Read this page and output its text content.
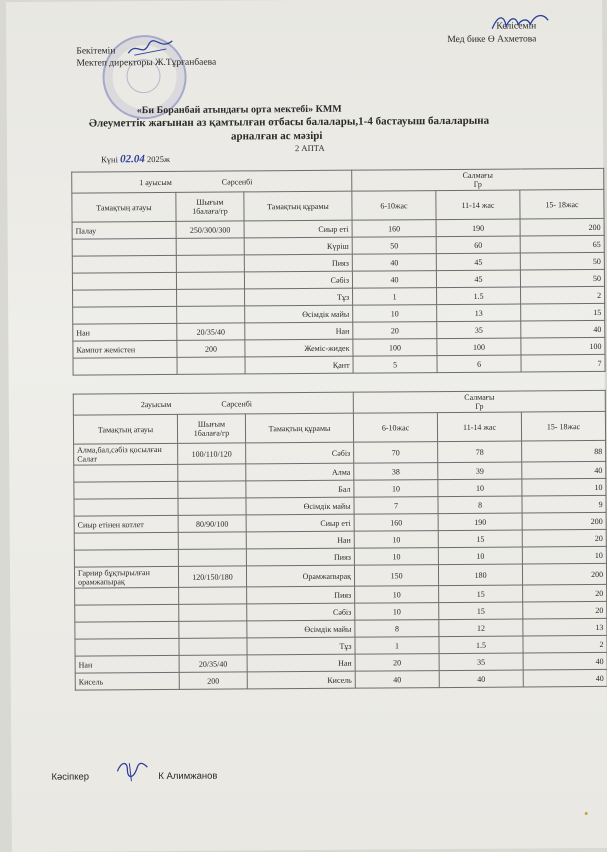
Бекітемін
Мектеп директоры Ж.Тұрғанбаева
Келісемін
Мед бике Ө Ахметова
«Би Боранбай атындағы орта мектебі» КММ
Әлеуметтік жағынан аз қамтылған отбасы балалары,1-4 бастауыш балаларына
арналған ас мәзірі
2 АПТА
Күні 02.04 2025ж
1 ауысым Сәрсенбі			Салмағы
Гр		

Тамақтың атауы	Шығым
1балаға/гр	Тамақтың құрамы	6-10жас	11-14 жас	15- 18жас
Палау	250/300/300	Сиыр еті	160	190	200
		Күріш	50	60	65
		Пияз	40	45	50
		Сәбіз	40	45	50
		Тұз	1	1.5	2
		Өсімдік майы	10	13	15
Нан	20/35/40	Нан	20	35	40
Кампот жемістен	200	Жеміс-жидек	100	100	100
		Қант	5	6	7
2ауысым Сәрсенбі			Салмағы
Гр		

Тамақтың атауы	Шығым
1балаға/гр	Тамақтың құрамы	6-10жас	11-14 жас	15- 18жас
Алма,бал,сәбіз қосылған Салат	100/110/120	Сәбіз	70	78	88
		Алма	38	39	40
		Бал	10	10	10
		Өсімдік майы	7	8	9
Сиыр етінен котлет	80/90/100	Сиыр еті	160	190	200
		Нан	10	15	20
		Пияз	10	10	10
Гарнир бұқтырылған орамжапырақ	120/150/180	Орамжапырақ	150	180	200
		Пияз	10	15	20
		Сәбіз	10	15	20
		Өсімдік майы	8	12	13
		Тұз	1	1.5	2
Нан	20/35/40	Нан	20	35	40
Кисель	200	Кисель	40	40	40
Кәсіпкер	К Алимжанов
